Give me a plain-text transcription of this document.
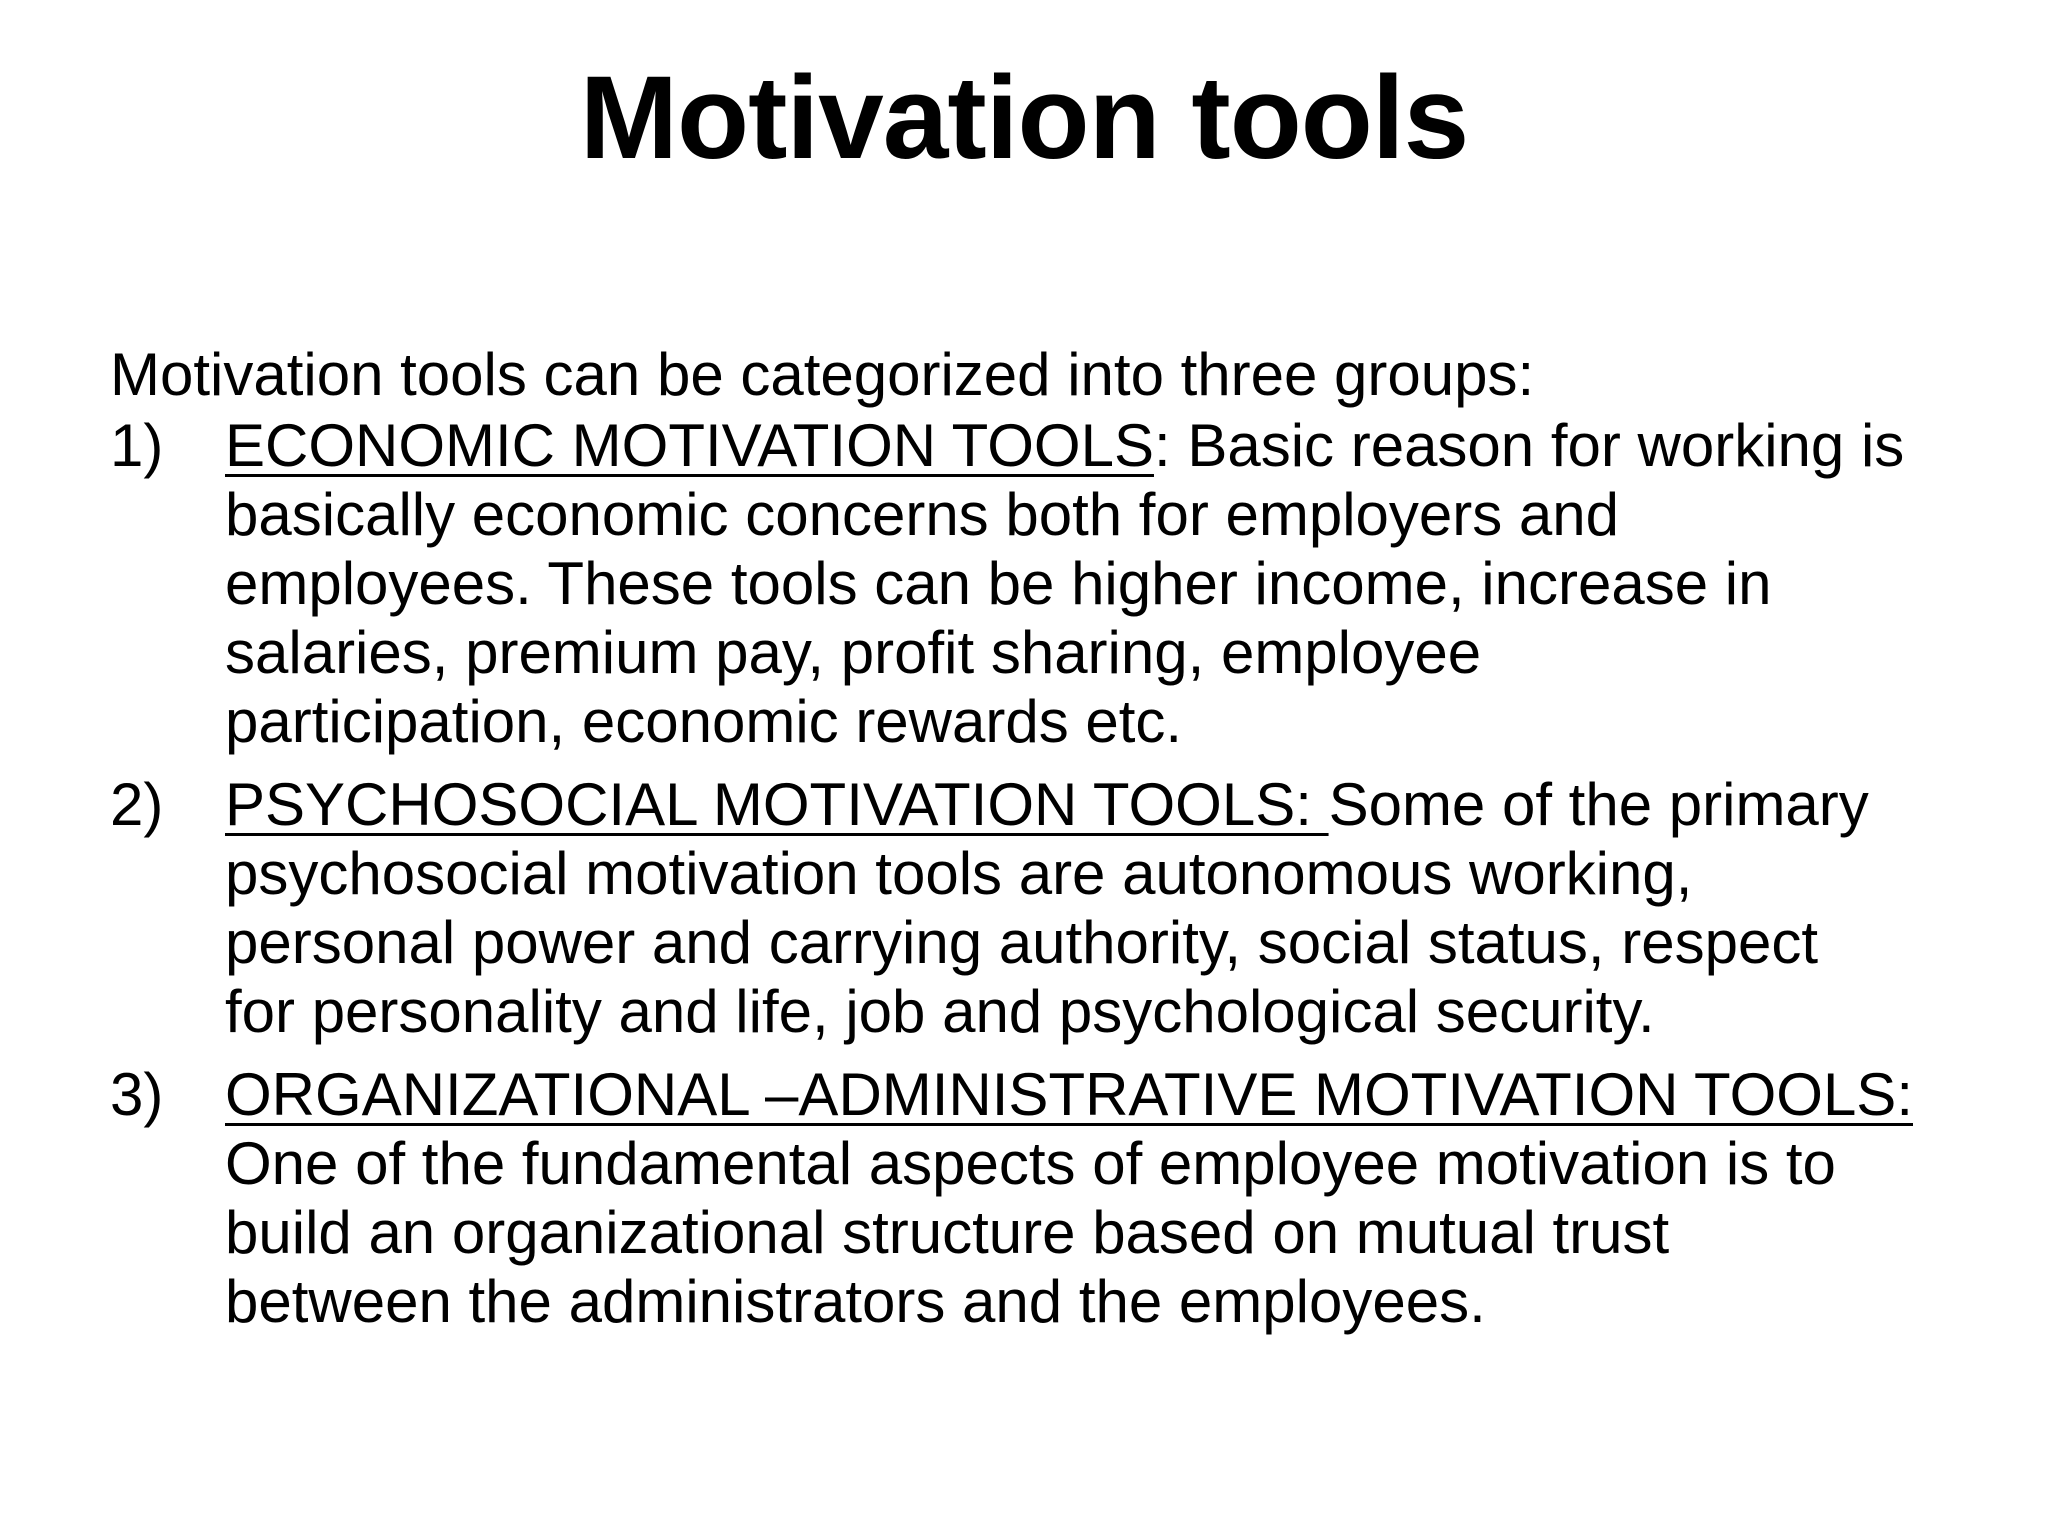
Motivation tools
Motivation tools can be categorized into three groups:
1) ECONOMIC MOTIVATION TOOLS: Basic reason for working is
basically economic concerns both for employers and
employees. These tools can be higher income, increase in
salaries, premium pay, profit sharing, employee
participation, economic rewards etc.
2) PSYCHOSOCIAL MOTIVATION TOOLS: Some of the primary
psychosocial motivation tools are autonomous working,
personal power and carrying authority, social status, respect
for personality and life, job and psychological security.
3) ORGANIZATIONAL –ADMINISTRATIVE MOTIVATION TOOLS:
One of the fundamental aspects of employee motivation is to
build an organizational structure based on mutual trust
between the administrators and the employees.
